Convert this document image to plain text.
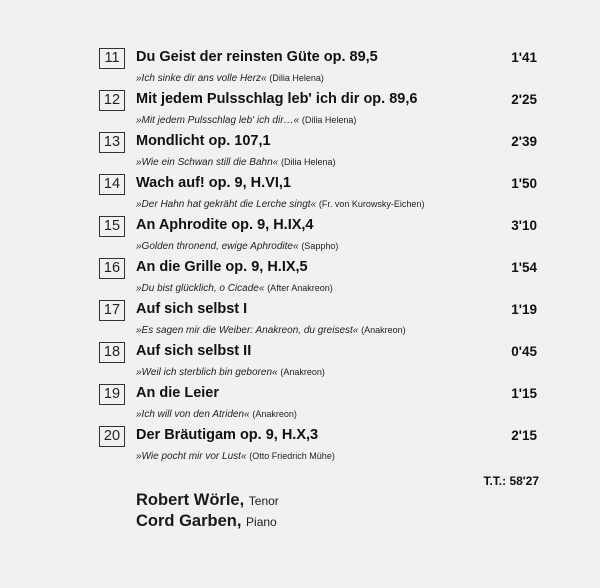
11	Du Geist der reinsten Güte op. 89,5	1'41
»Ich sinke dir ans volle Herz« (Dilia Helena)
12	Mit jedem Pulsschlag leb' ich dir op. 89,6	2'25
»Mit jedem Pulsschlag leb' ich dir…« (Dilia Helena)
13	Mondlicht op. 107,1	2'39
»Wie ein Schwan still die Bahn« (Dilia Helena)
14	Wach auf! op. 9, H.VI,1	1'50
»Der Hahn hat gekräht die Lerche singt« (Fr. von Kurowsky-Eichen)
15	An Aphrodite op. 9, H.IX,4	3'10
»Golden thronend, ewige Aphrodite« (Sappho)
16	An die Grille op. 9, H.IX,5	1'54
»Du bist glücklich, o Cicade« (After Anakreon)
17	Auf sich selbst I	1'19
»Es sagen mir die Weiber: Anakreon, du greisest« (Anakreon)
18	Auf sich selbst II	0'45
»Weil ich sterblich bin geboren« (Anakreon)
19	An die Leier	1'15
»Ich will von den Atriden« (Anakreon)
20	Der Bräutigam op. 9, H.X,3	2'15
»Wie pocht mir vor Lust« (Otto Friedrich Mühe)
T.T.: 58'27
Robert Wörle, Tenor
Cord Garben, Piano
